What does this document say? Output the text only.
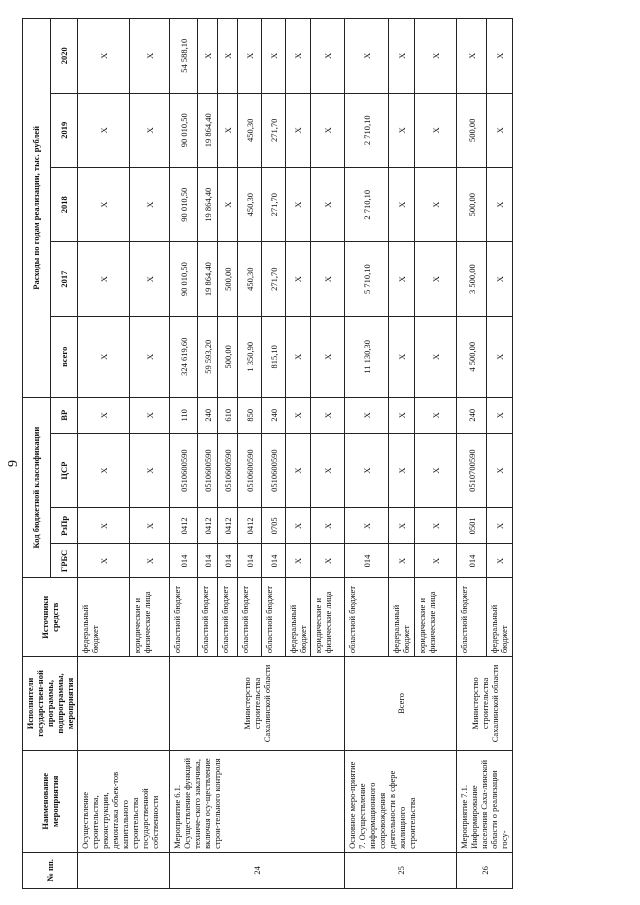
9
№ пп.	Наименование мероприятия	Исполнители государствен-ной программы, подпрограммы, мероприятия	Источники средств	Код бюджетной классификации				Расходы по годам реализации, тыс. рублей				
				ГРБС	РзПр	ЦСР	ВР	всего	2017	2018	2019	2020
	Осуществление строительства, реконструкции, демонтажа объек-тов капитального строительства государственной собственности		федеральный бюджет	X	X	X	X	X	X	X	X	X
			юридические и физические лица	X	X	X	X	X	X	X	X	X
24	Мероприятие 6.1. Осуществление функций техниче-ского заказчика, включая осу-ществление строи-тельного контроля	Министерство строительства Сахалинской области	областной бюджет	014	0412	0510600590	110	324 619,60	90 010,50	90 010,50	90 010,50	54 588,10
			областной бюджет	014	0412	0510600590	240	59 593,20	19 864,40	19 864,40	19 864,40	X
			областной бюджет	014	0412	0510600590	610	500,00	500,00	X	X	X
			областной бюджет	014	0412	0510600590	850	1 350,90	450,30	450,30	450,30	X
			областной бюджет	014	0705	0510600590	240	815,10	271,70	271,70	271,70	X
			федеральный бюджет	X	X	X	X	X	X	X	X	X
			юридические и физические лица	X	X	X	X	X	X	X	X	X
25	Основное меро-приятие 7. Осуществление информационного сопровождения деятельности в сфере жилищного строительства	Всего	областной бюджет	014	X	X	X	11 130,30	5 710,10	2 710,10	2 710,10	X
			федеральный бюджет	X	X	X	X	X	X	X	X	X
			юридические и физические лица	X	X	X	X	X	X	X	X	X
26	Мероприятие 7.1. Информирование населения Саха-линской области о реализации госу-	Министерство строительства Сахалинской области	областной бюджет	014	0501	0510700590	240	4 500,00	3 500,00	500,00	500,00	X
			федеральный бюджет	X	X	X	X	X	X	X	X	X
